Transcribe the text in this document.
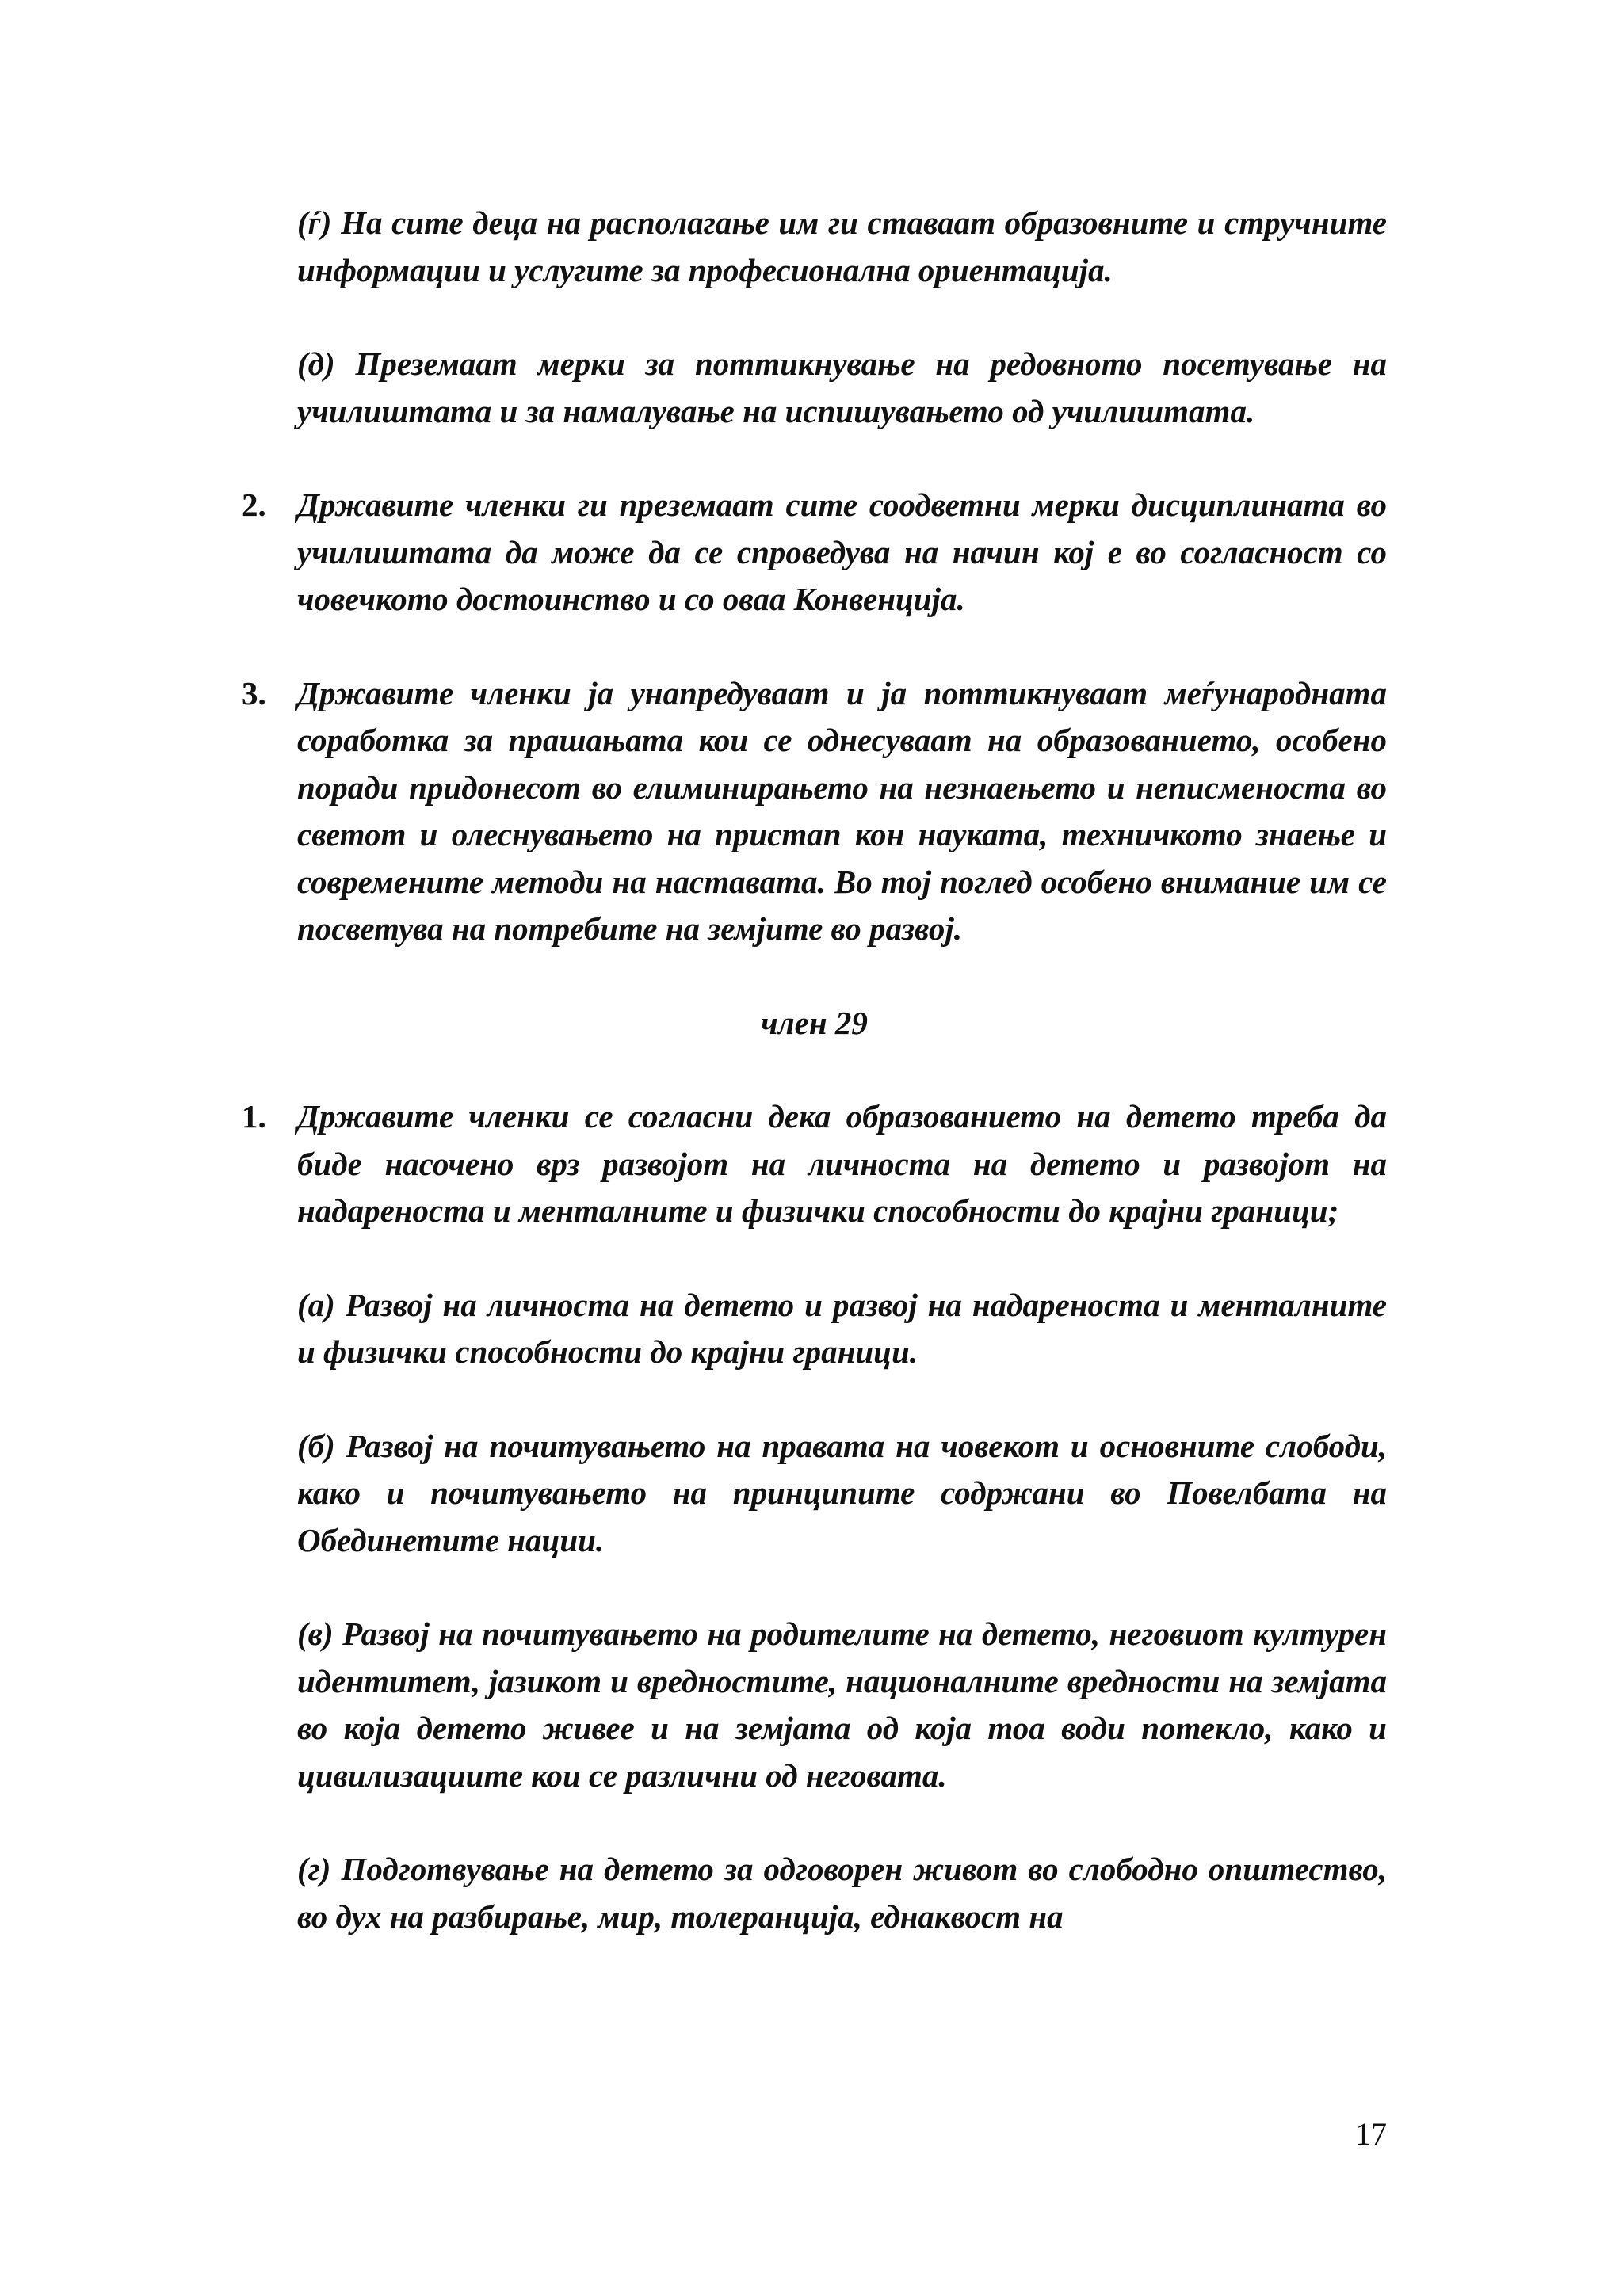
(ѓ) На сите деца на располагање им ги ставаат образовните и стручните информации и услугите за професионална ориентација.

(д) Преземаат мерки за поттикнување на редовното посетување на училиштата и за намалување на испишувањето од училиштата.

2. Државите членки ги преземаат сите соодветни мерки дисциплината во училиштата да може да се спроведува на начин кој е во согласност со човечкото достоинство и со оваа Конвенција.
3. Државите членки ја унапредуваат и ја поттикнуваат меѓународната соработка за прашањата кои се однесуваат на образованието, особено поради придонесот во елиминирањето на незнаењето и неписменоста во светот и олеснувањето на пристап кон науката, техничкото знаење и современите методи на наставата. Во тој поглед особено внимание им се посветува на потребите на земјите во развој.

член 29

1. Државите членки се согласни дека образованието на детето треба да биде насочено врз развојот на личноста на детето и развојот на надареноста и менталните и физички способности до крајни граници;

(а) Развој на личноста на детето и развој на надареноста и менталните и физички способности до крајни граници.

(б) Развој на почитувањето на правата на човекот и основните слободи, како и почитувањето на принципите содржани во Повелбата на Обединетите нации.

(в) Развој на почитувањето на родителите на детето, неговиот културен идентитет, јазикот и вредностите, националните вредности на земјата во која детето живее и на земјата од која тоа води потекло, како и цивилизациите кои се различни од неговата.

(г) Подготвување на детето за одговорен живот во слободно општество, во дух на разбирање, мир, толеранција, еднаквост на

17
